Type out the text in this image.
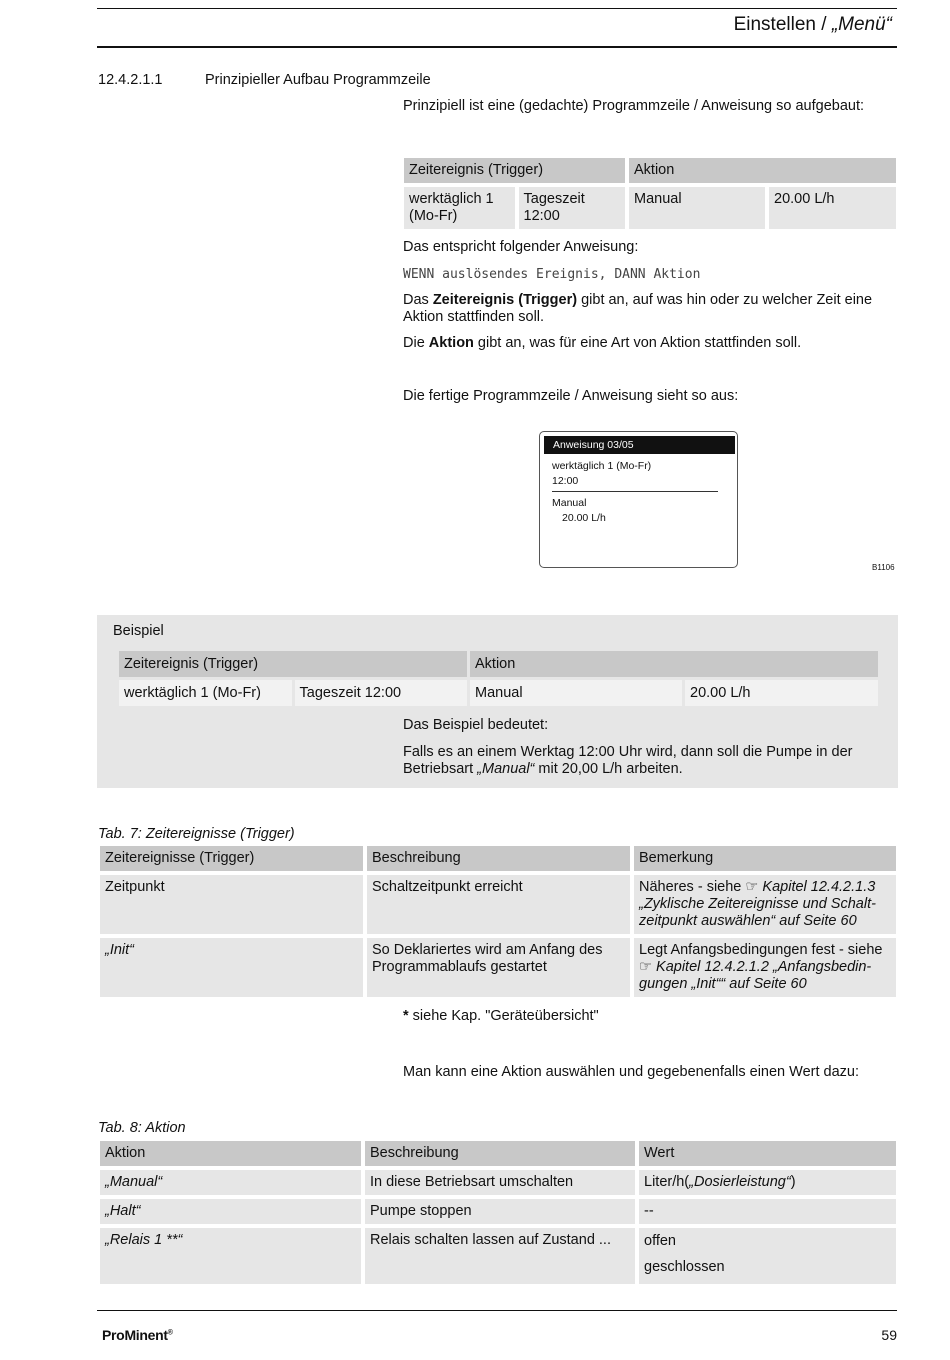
Einstellen / „Menü“
12.4.2.1.1	Prinzipieller Aufbau Programmzeile
Prinzipiell ist eine (gedachte) Programmzeile / Anweisung so aufgebaut:
Zeitereignis (Trigger)		Aktion	
werktäglich 1 (Mo-Fr)	Tageszeit 12:00	Manual	20.00 L/h
Das entspricht folgender Anweisung:
WENN auslösendes Ereignis, DANN Aktion
Das Zeitereignis (Trigger) gibt an, auf was hin oder zu welcher Zeit eine Aktion stattfinden soll.
Die Aktion gibt an, was für eine Art von Aktion stattfinden soll.
Die fertige Programmzeile / Anweisung sieht so aus:
Anweisung 03/05
werktäglich 1 (Mo-Fr)
12:00
Manual
20.00 L/h
B1106
Beispiel
Zeitereignis (Trigger)		Aktion	
werktäglich 1 (Mo-Fr)	Tageszeit 12:00	Manual	20.00 L/h
Das Beispiel bedeutet:
Falls es an einem Werktag 12:00 Uhr wird, dann soll die Pumpe in der Betriebsart „Manual“ mit 20,00 L/h arbeiten.
Tab. 7: Zeitereignisse (Trigger)
Zeitereignisse (Trigger)	Beschreibung	Bemerkung
Zeitpunkt	Schaltzeitpunkt erreicht	Näheres - siehe ☞ Kapitel 12.4.2.1.3 „Zyklische Zeitereignisse und Schalt-zeitpunkt auswählen“ auf Seite 60
„Init“	So Deklariertes wird am Anfang des Programmablaufs gestartet	Legt Anfangsbedingungen fest - siehe ☞ Kapitel 12.4.2.1.2 „Anfangsbedin-gungen „Init““ auf Seite 60
* siehe Kap. "Geräteübersicht"
Man kann eine Aktion auswählen und gegebenenfalls einen Wert dazu:
Tab. 8: Aktion
Aktion	Beschreibung	Wert
„Manual“	In diese Betriebsart umschalten	Liter/h(„Dosierleistung“)
„Halt“	Pumpe stoppen	--
„Relais 1 **“	Relais schalten lassen auf Zustand ...	offen
geschlossen
ProMinent®	59
